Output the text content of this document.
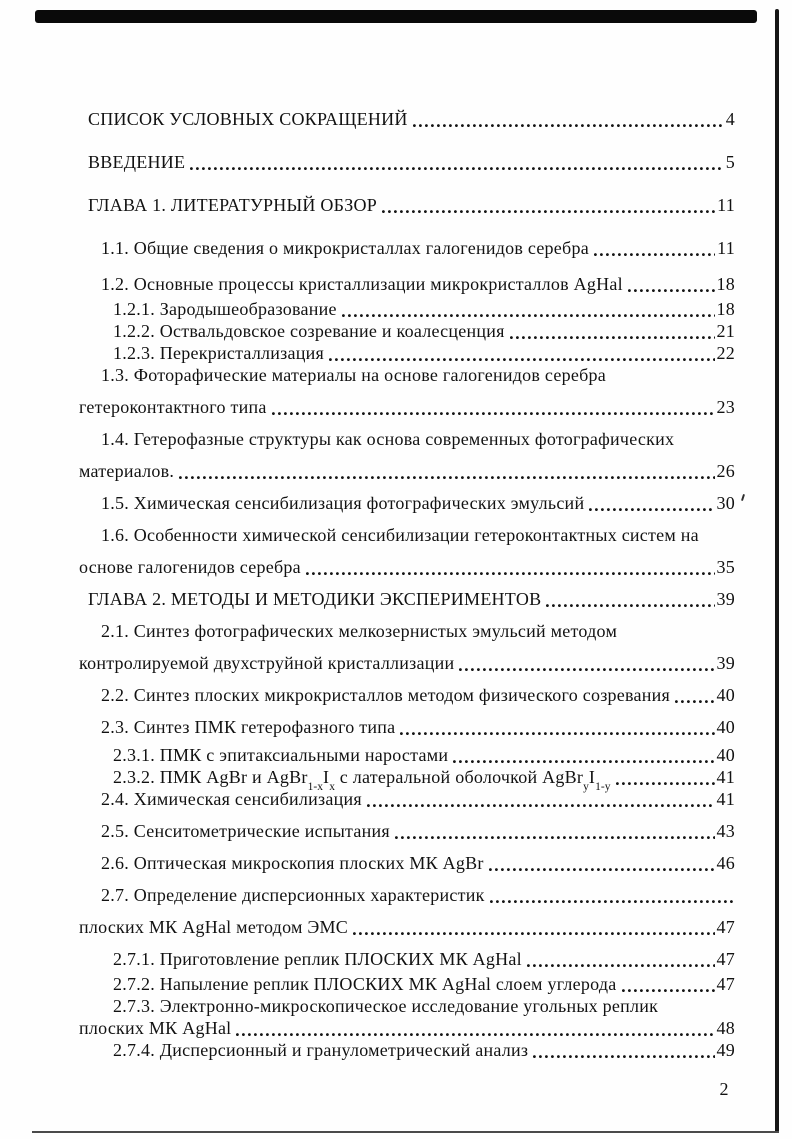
СПИСОК УСЛОВНЫХ СОКРАЩЕНИЙ	4
ВВЕДЕНИЕ	5
ГЛАВА 1. ЛИТЕРАТУРНЫЙ ОБЗОР	11
1.1. Общие сведения о микрокристаллах галогенидов серебра	11
1.2. Основные процессы кристаллизации микрокристаллов AgHal	18
1.2.1. Зародышеобразование	18
1.2.2. Оствальдовское созревание и коалесценция	21
1.2.3. Перекристаллизация	22
1.3. Фоторафические материалы на основе галогенидов серебра
гетероконтактного типа	23
1.4. Гетерофазные структуры как основа современных фотографических
материалов.	26
1.5. Химическая сенсибилизация фотографических эмульсий	30
1.6. Особенности химической сенсибилизации гетероконтактных систем на
основе галогенидов серебра	35
ГЛАВА 2. МЕТОДЫ И МЕТОДИКИ ЭКСПЕРИМЕНТОВ	39
2.1. Синтез фотографических мелкозернистых эмульсий методом
контролируемой двухструйной кристаллизации	39
2.2. Синтез плоских микрокристаллов методом физического созревания	40
2.3. Синтез ПМК гетерофазного типа	40
2.3.1. ПМК с эпитаксиальными наростами	40
2.3.2. ПМК AgBr и $AgBr_{1-x}I_x$ с латеральной оболочкой $AgBr_yI_{1-y}$	41
2.4. Химическая сенсибилизация	41
2.5. Сенситометрические испытания	43
2.6. Оптическая микроскопия плоских МК AgBr	46
2.7. Определение дисперсионных характеристик
плоских МК AgHal методом ЭМС	47
2.7.1. Приготовление реплик ПЛОСКИХ МК AgHal	47
2.7.2. Напыление реплик ПЛОСКИХ МК AgHal слоем углерода	47
2.7.3. Электронно-микроскопическое исследование угольных реплик
плоских МК AgHal	48
2.7.4. Дисперсионный и гранулометрический анализ	49
2
